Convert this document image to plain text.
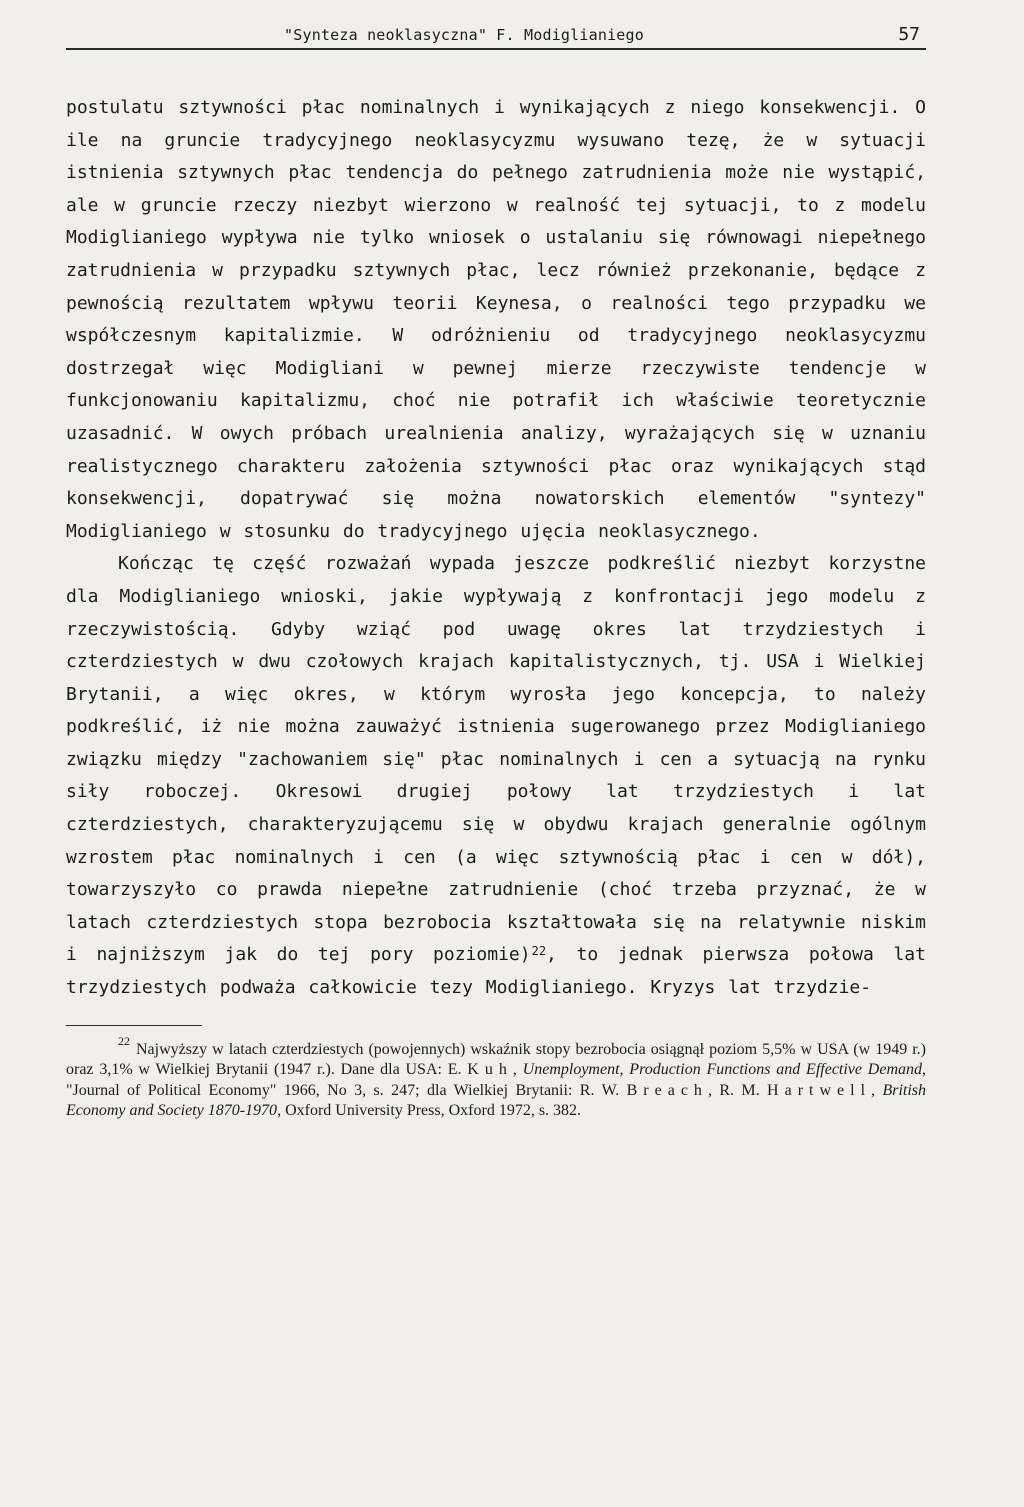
"Synteza neoklasyczna" F. Modiglianiego	57

postulatu sztywności płac nominalnych i wynikających z niego konsekwencji. O ile na gruncie tradycyjnego neoklasycyzmu wysuwano tezę, że w sytuacji istnienia sztywnych płac tendencja do pełnego zatrudnienia może nie wystąpić, ale w gruncie rzeczy niezbyt wierzono w realność tej sytuacji, to z modelu Modiglianiego wypływa nie tylko wniosek o ustalaniu się równowagi niepełnego zatrudnienia w przypadku sztywnych płac, lecz również przekonanie, będące z pewnością rezultatem wpływu teorii Keynesa, o realności tego przypadku we współczesnym kapitalizmie. W odróżnieniu od tradycyjnego neoklasycyzmu dostrzegał więc Modigliani w pewnej mierze rzeczywiste tendencje w funkcjonowaniu kapitalizmu, choć nie potrafił ich właściwie teoretycznie uzasadnić. W owych próbach urealnienia analizy, wyrażających się w uznaniu realistycznego charakteru założenia sztywności płac oraz wynikających stąd konsekwencji, dopatrywać się można nowatorskich elementów "syntezy" Modiglianiego w stosunku do tradycyjnego ujęcia neoklasycznego.

Kończąc tę część rozważań wypada jeszcze podkreślić niezbyt korzystne dla Modiglianiego wnioski, jakie wypływają z konfrontacji jego modelu z rzeczywistością. Gdyby wziąć pod uwagę okres lat trzydziestych i czterdziestych w dwu czołowych krajach kapitalistycznych, tj. USA i Wielkiej Brytanii, a więc okres, w którym wyrosła jego koncepcja, to należy podkreślić, iż nie można zauważyć istnienia sugerowanego przez Modiglianiego związku między "zachowaniem się" płac nominalnych i cen a sytuacją na rynku siły roboczej. Okresowi drugiej połowy lat trzydziestych i lat czterdziestych, charakteryzującemu się w obydwu krajach generalnie ogólnym wzrostem płac nominalnych i cen (a więc sztywnością płac i cen w dół), towarzyszyło co prawda niepełne zatrudnienie (choć trzeba przyznać, że w latach czterdziestych stopa bezrobocia kształtowała się na relatywnie niskim i najniższym jak do tej pory poziomie)$^{22}$, to jednak pierwsza połowa lat trzydziestych podważa całkowicie tezy Modiglianiego. Kryzys lat trzydzie-

$^{22}$ Najwyższy w latach czterdziestych (powojennych) wskaźnik stopy bezrobocia osiągnął poziom 5,5% w USA (w 1949 r.) oraz 3,1% w Wielkiej Brytanii (1947 r.). Dane dla USA: E. Kuh, Unemployment, Production Functions and Effective Demand, "Journal of Political Economy" 1966, No 3, s. 247; dla Wielkiej Brytanii: R. W. Breach, R. M. Hartwell, British Economy and Society 1870-1970, Oxford University Press, Oxford 1972, s. 382.
